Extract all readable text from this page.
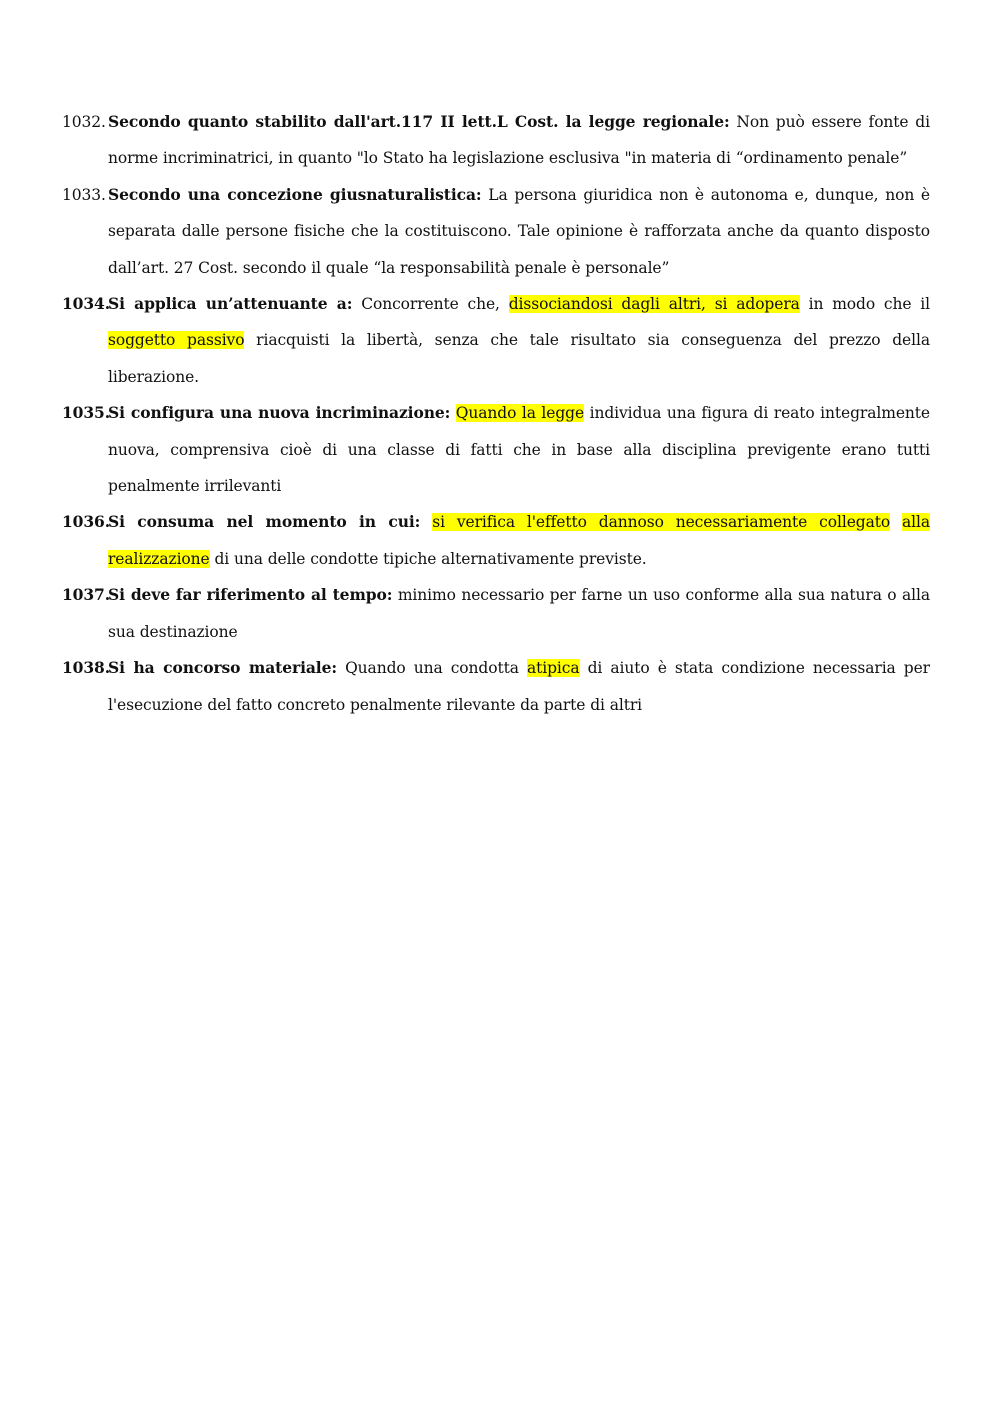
1032. Secondo quanto stabilito dall'art.117 II lett.L Cost. la legge regionale: Non può essere fonte di norme incriminatrici, in quanto "lo Stato ha legislazione esclusiva "in materia di “ordinamento penale”
1033. Secondo una concezione giusnaturalistica: La persona giuridica non è autonoma e, dunque, non è separata dalle persone fisiche che la costituiscono. Tale opinione è rafforzata anche da quanto disposto dall’art. 27 Cost. secondo il quale “la responsabilità penale è personale”
1034.
Si applica un’attenuante a: Concorrente che, dissociandosi dagli altri, si adopera in modo che il soggetto passivo riacquisti la libertà, senza che tale risultato sia conseguenza del prezzo della liberazione.
1035.
Si configura una nuova incriminazione: Quando la legge individua una figura di reato integralmente nuova, comprensiva cioè di una classe di fatti che in base alla disciplina previgente erano tutti penalmente irrilevanti
1036.
Si consuma nel momento in cui: si verifica l'effetto dannoso necessariamente collegato alla realizzazione di una delle condotte tipiche alternativamente previste.
1037.
Si deve far riferimento al tempo: minimo necessario per farne un uso conforme alla sua natura o alla sua destinazione
1038.
Si ha concorso materiale: Quando una condotta atipica di aiuto è stata condizione necessaria per l'esecuzione del fatto concreto penalmente rilevante da parte di altri
